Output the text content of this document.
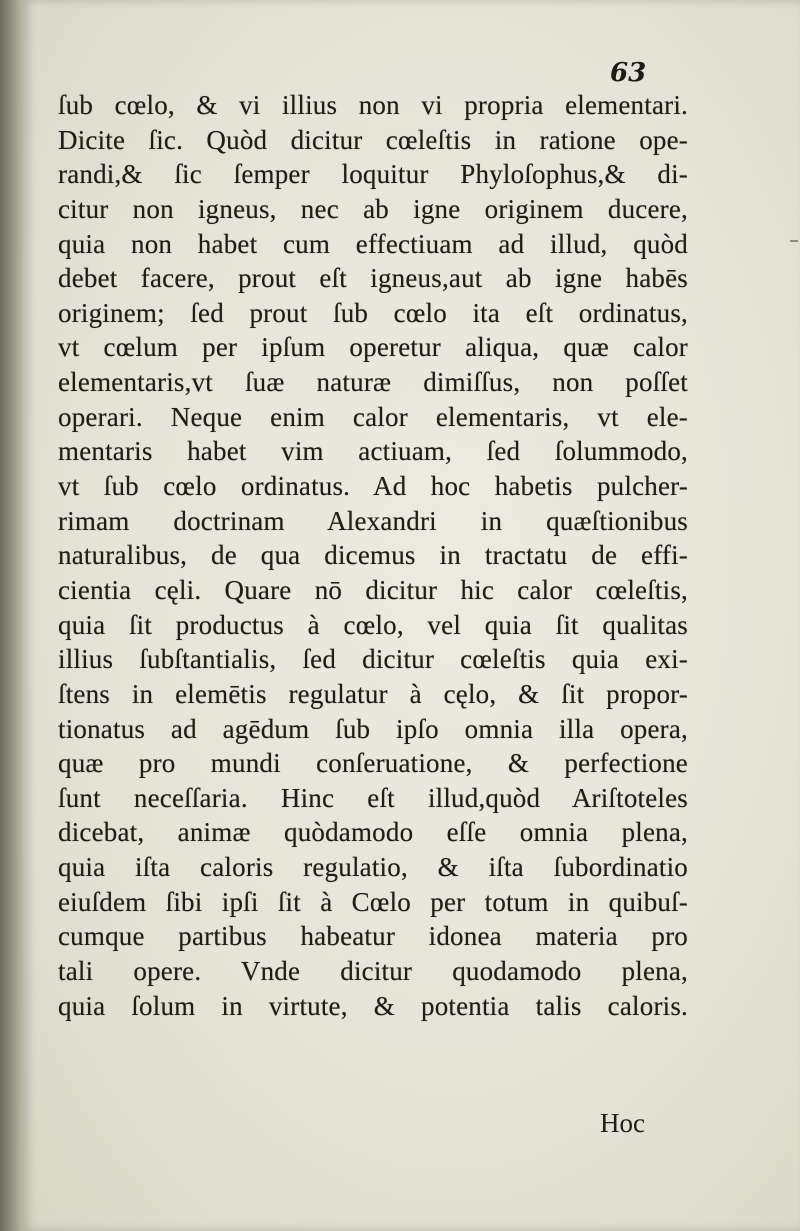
63
ſub cœlo, & vi illius non vi propria elementari.
Dicite ſic. Quòd dicitur cœleſtis in ratione ope-
randi,& ſic ſemper loquitur Phyloſophus,& di-
citur non igneus, nec ab igne originem ducere,
quia non habet cum effectiuam ad illud, quòd
debet facere, prout eſt igneus,aut ab igne habēs
originem; ſed prout ſub cœlo ita eſt ordinatus,
vt cœlum per ipſum operetur aliqua, quæ calor
elementaris,vt ſuæ naturæ dimiſſus, non poſſet
operari. Neque enim calor elementaris, vt ele-
mentaris habet vim actiuam, ſed ſolummodo,
vt ſub cœlo ordinatus. Ad hoc habetis pulcher-
rimam doctrinam Alexandri in quæſtionibus
naturalibus, de qua dicemus in tractatu de effi-
cientia cęli. Quare nō dicitur hic calor cœleſtis,
quia ſit productus à cœlo, vel quia ſit qualitas
illius ſubſtantialis, ſed dicitur cœleſtis quia exi-
ſtens in elemētis regulatur à cęlo, & ſit propor-
tionatus ad agēdum ſub ipſo omnia illa opera,
quæ pro mundi conſeruatione, & perfectione
ſunt neceſſaria. Hinc eſt illud,quòd Ariſtoteles
dicebat, animæ quòdamodo eſſe omnia plena,
quia iſta caloris regulatio, & iſta ſubordinatio
eiuſdem ſibi ipſi ſit à Cœlo per totum in quibuſ-
cumque partibus habeatur idonea materia pro
tali opere. Vnde dicitur quodamodo plena,
quia ſolum in virtute, & potentia talis caloris.
Hoc
